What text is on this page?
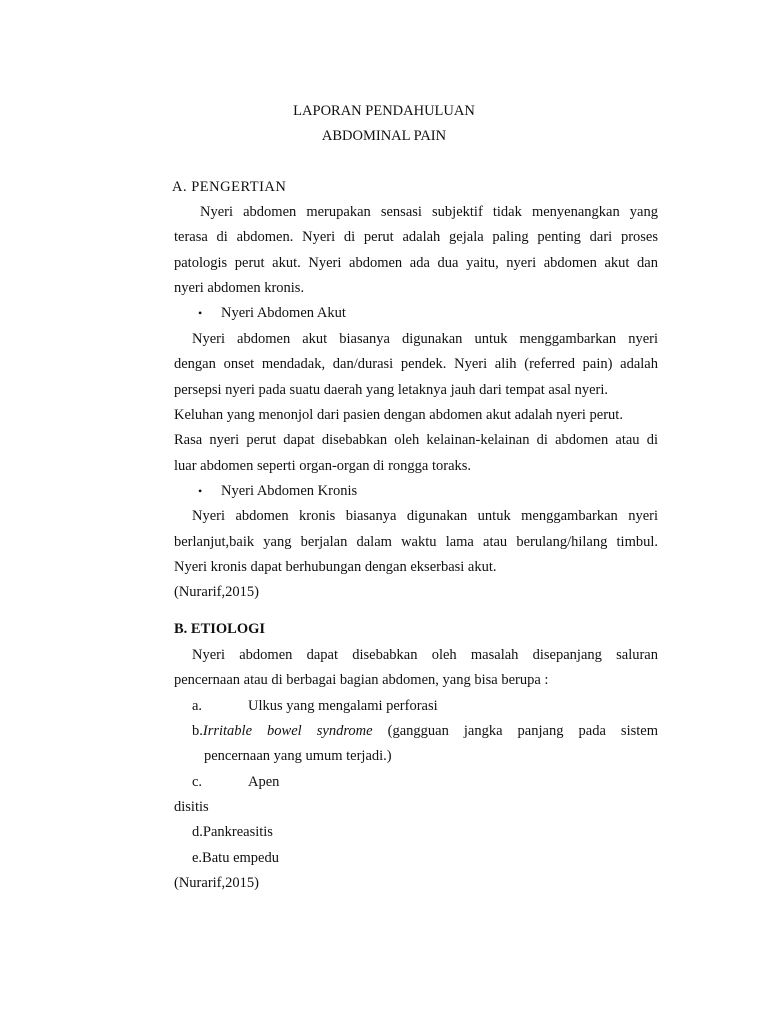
LAPORAN PENDAHULUAN
ABDOMINAL PAIN
A. PENGERTIAN
Nyeri abdomen merupakan sensasi subjektif tidak menyenangkan yang
terasa di abdomen. Nyeri di perut adalah gejala paling penting dari proses
patologis perut akut. Nyeri abdomen ada dua yaitu, nyeri abdomen akut dan
nyeri abdomen kronis.
• Nyeri Abdomen Akut
Nyeri abdomen akut biasanya digunakan untuk menggambarkan nyeri
dengan onset mendadak, dan/durasi pendek. Nyeri alih (referred pain) adalah
persepsi nyeri pada suatu daerah yang letaknya jauh dari tempat asal nyeri.
Keluhan yang menonjol dari pasien dengan abdomen akut adalah nyeri perut.
Rasa nyeri perut dapat disebabkan oleh kelainan-kelainan di abdomen atau di
luar abdomen seperti organ-organ di rongga toraks.
• Nyeri Abdomen Kronis
Nyeri abdomen kronis biasanya digunakan untuk menggambarkan nyeri
berlanjut,baik yang berjalan dalam waktu lama atau berulang/hilang timbul.
Nyeri kronis dapat berhubungan dengan ekserbasi akut.
(Nurarif,2015)
B. ETIOLOGI
Nyeri abdomen dapat disebabkan oleh masalah disepanjang saluran
pencernaan atau di berbagai bagian abdomen, yang bisa berupa :
a.	Ulkus yang mengalami perforasi
b.Irritable bowel syndrome (gangguan jangka panjang pada sistem
pencernaan yang umum terjadi.)
c.	Apen
disitis
d.Pankreasitis
e.Batu empedu
(Nurarif,2015)
